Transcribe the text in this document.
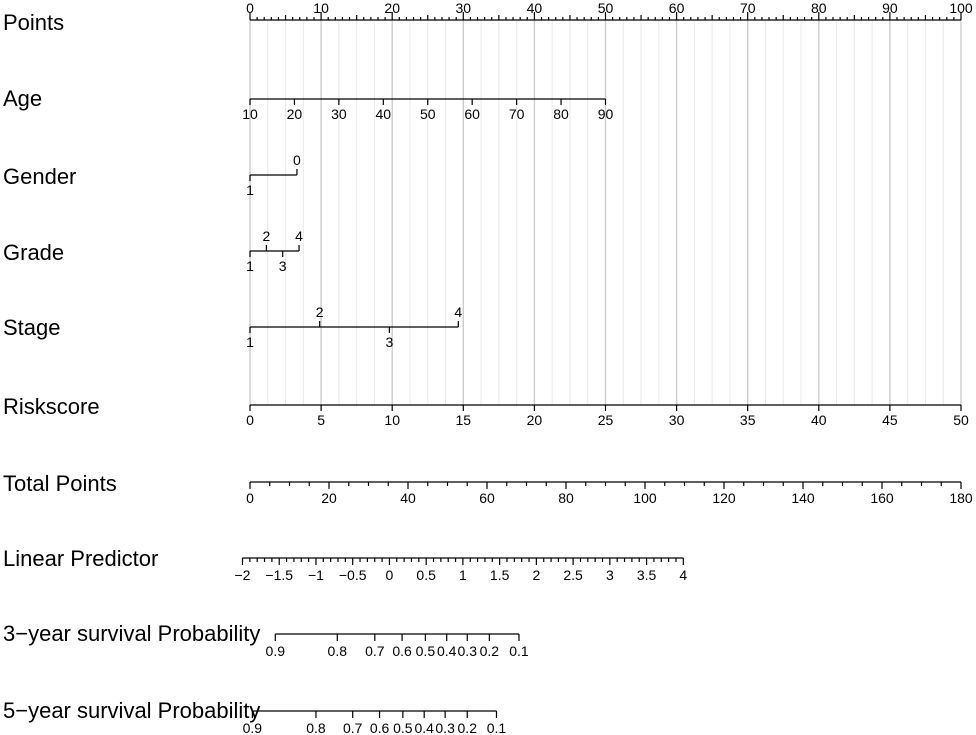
Points
0	10	20	30	40	50	60	70	80	90	100
Age
10 20 30 40 50 60 70 80 90
Gender
1
0
Grade
1
2
3
4
Stage
1
2
3
4
Riskscore
0	5	10	15	20	25	30	35	40	45	50
Total Points
0	20	40	60	80	100	120	140	160	180
Linear Predictor
−2 −1.5 −1 −0.5 0 0.5 1 1.5 2 2.5 3 3.5 4
3−year survival Probability
0.9	0.8 0.7 0.6 0.5 0.4 0.3 0.2 0.1
5−year survival Probability
0.9	0.8 0.7 0.6 0.5 0.4 0.3 0.2 0.1
